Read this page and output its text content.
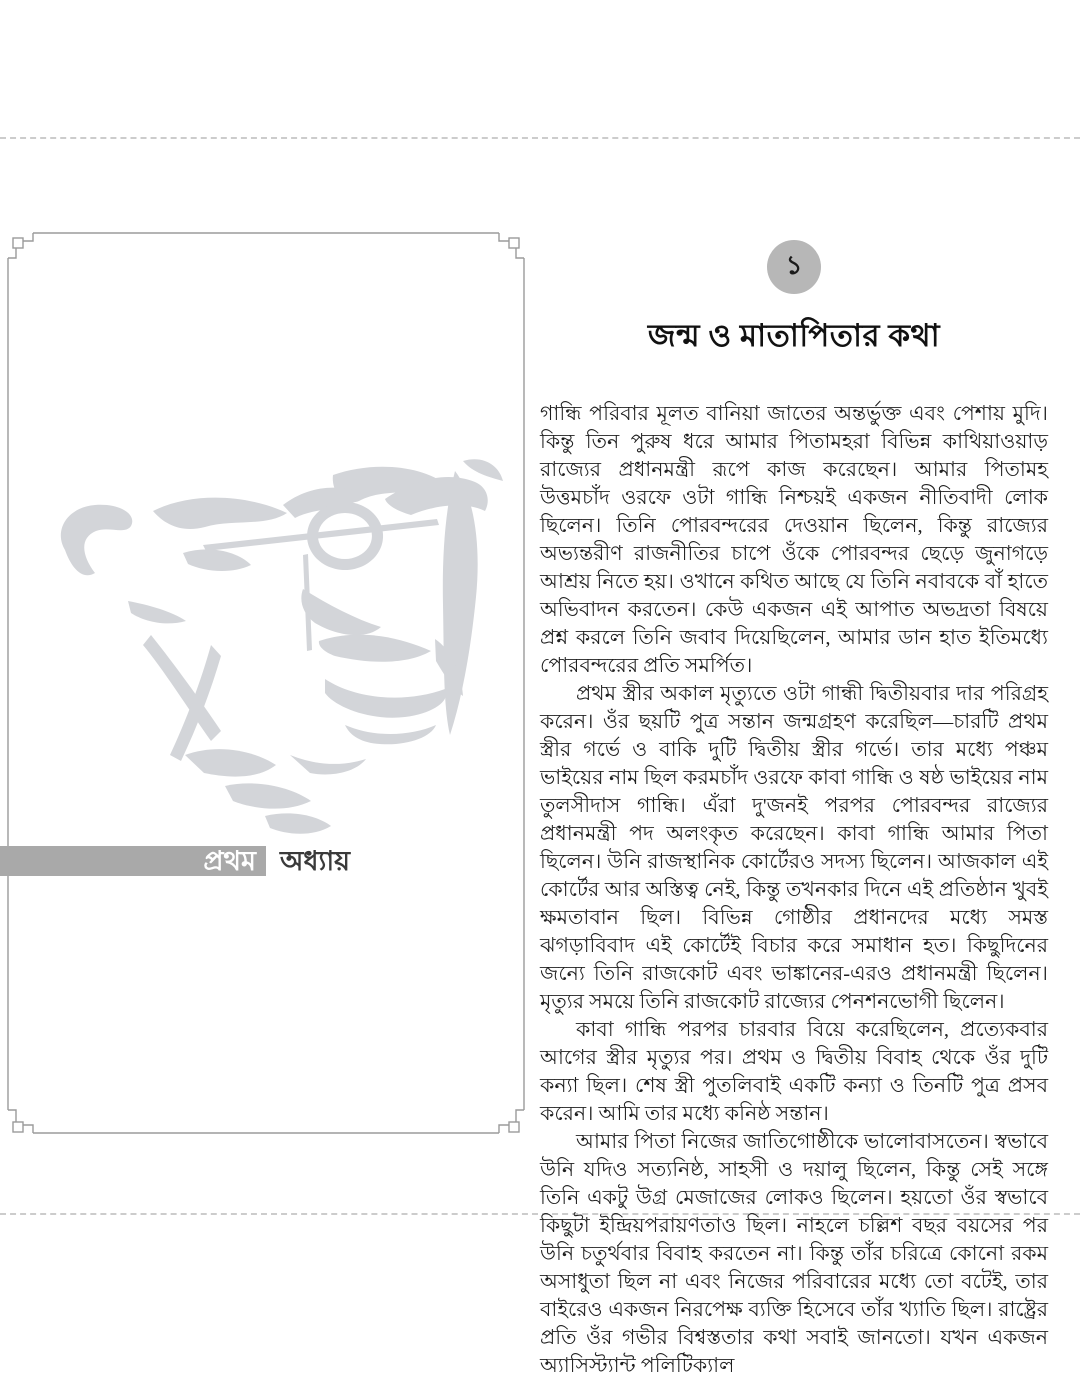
প্রথম অধ্যায়
১
জন্ম ও মাতাপিতার কথা

গান্ধি পরিবার মূলত বানিয়া জাতের অন্তর্ভুক্ত এবং পেশায় মুদি। কিন্তু তিন পুরুষ ধরে আমার পিতামহরা বিভিন্ন কাথিয়াওয়াড় রাজ্যের প্রধানমন্ত্রী রূপে কাজ করেছেন। আমার পিতামহ উত্তমচাঁদ ওরফে ওটা গান্ধি নিশ্চয়ই একজন নীতিবাদী লোক ছিলেন। তিনি পোরবন্দরের দেওয়ান ছিলেন, কিন্তু রাজ্যের অভ্যন্তরীণ রাজনীতির চাপে ওঁকে পোরবন্দর ছেড়ে জুনাগড়ে আশ্রয় নিতে হয়। ওখানে কথিত আছে যে তিনি নবাবকে বাঁ হাতে অভিবাদন করতেন। কেউ একজন এই আপাত অভদ্রতা বিষয়ে প্রশ্ন করলে তিনি জবাব দিয়েছিলেন, আমার ডান হাত ইতিমধ্যে পোরবন্দরের প্রতি সমর্পিত।

প্রথম স্ত্রীর অকাল মৃত্যুতে ওটা গান্ধী দ্বিতীয়বার দার পরিগ্রহ করেন। ওঁর ছয়টি পুত্র সন্তান জন্মগ্রহণ করেছিল—চারটি প্রথম স্ত্রীর গর্ভে ও বাকি দুটি দ্বিতীয় স্ত্রীর গর্ভে। তার মধ্যে পঞ্চম ভাইয়ের নাম ছিল করমচাঁদ ওরফে কাবা গান্ধি ও ষষ্ঠ ভাইয়ের নাম তুলসীদাস গান্ধি। এঁরা দু'জনই পরপর পোরবন্দর রাজ্যের প্রধানমন্ত্রী পদ অলংকৃত করেছেন। কাবা গান্ধি আমার পিতা ছিলেন। উনি রাজস্থানিক কোর্টেরও সদস্য ছিলেন। আজকাল এই কোর্টের আর অস্তিত্ব নেই, কিন্তু তখনকার দিনে এই প্রতিষ্ঠান খুবই ক্ষমতাবান ছিল। বিভিন্ন গোষ্ঠীর প্রধানদের মধ্যে সমস্ত ঝগড়াবিবাদ এই কোর্টেই বিচার করে সমাধান হত। কিছুদিনের জন্যে তিনি রাজকোট এবং ভাঙ্কানের-এরও প্রধানমন্ত্রী ছিলেন। মৃত্যুর সময়ে তিনি রাজকোট রাজ্যের পেনশনভোগী ছিলেন।

কাবা গান্ধি পরপর চারবার বিয়ে করেছিলেন, প্রত্যেকবার আগের স্ত্রীর মৃত্যুর পর। প্রথম ও দ্বিতীয় বিবাহ থেকে ওঁর দুটি কন্যা ছিল। শেষ স্ত্রী পুতলিবাই একটি কন্যা ও তিনটি পুত্র প্রসব করেন। আমি তার মধ্যে কনিষ্ঠ সন্তান।

আমার পিতা নিজের জাতিগোষ্ঠীকে ভালোবাসতেন। স্বভাবে উনি যদিও সত্যনিষ্ঠ, সাহসী ও দয়ালু ছিলেন, কিন্তু সেই সঙ্গে তিনি একটু উগ্র মেজাজের লোকও ছিলেন। হয়তো ওঁর স্বভাবে কিছুটা ইন্দ্রিয়পরায়ণতাও ছিল। নাহলে চল্লিশ বছর বয়সের পর উনি চতুর্থবার বিবাহ করতেন না। কিন্তু তাঁর চরিত্রে কোনো রকম অসাধুতা ছিল না এবং নিজের পরিবারের মধ্যে তো বটেই, তার বাইরেও একজন নিরপেক্ষ ব্যক্তি হিসেবে তাঁর খ্যাতি ছিল। রাষ্ট্রের প্রতি ওঁর গভীর বিশ্বস্ততার কথা সবাই জানতো। যখন একজন অ্যাসিস্ট্যান্ট পলিটিক্যাল
